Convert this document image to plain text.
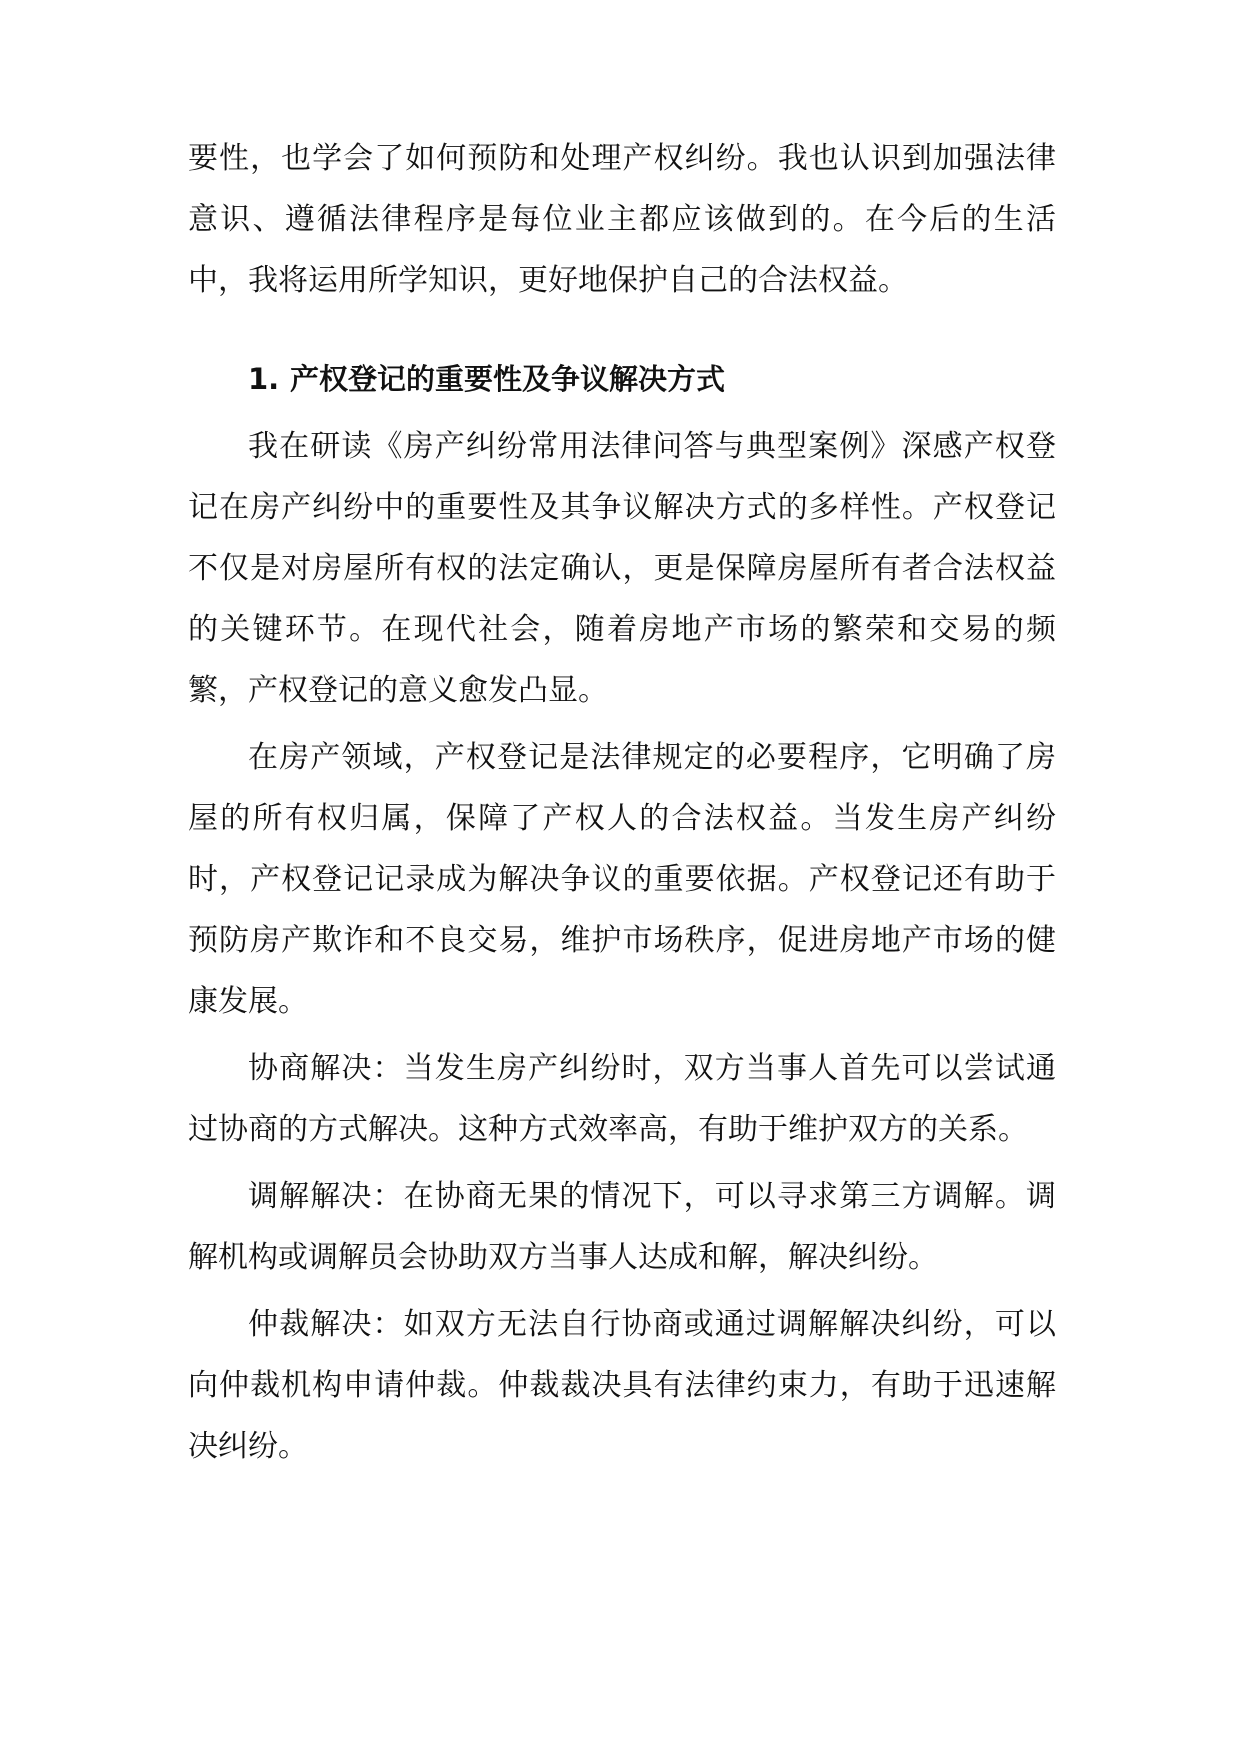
要性，也学会了如何预防和处理产权纠纷。我也认识到加强法律意识、遵循法律程序是每位业主都应该做到的。在今后的生活中，我将运用所学知识，更好地保护自己的合法权益。

1. 产权登记的重要性及争议解决方式

我在研读《房产纠纷常用法律问答与典型案例》深感产权登记在房产纠纷中的重要性及其争议解决方式的多样性。产权登记不仅是对房屋所有权的法定确认，更是保障房屋所有者合法权益的关键环节。在现代社会，随着房地产市场的繁荣和交易的频繁，产权登记的意义愈发凸显。

在房产领域，产权登记是法律规定的必要程序，它明确了房屋的所有权归属，保障了产权人的合法权益。当发生房产纠纷时，产权登记记录成为解决争议的重要依据。产权登记还有助于预防房产欺诈和不良交易，维护市场秩序，促进房地产市场的健康发展。

协商解决：当发生房产纠纷时，双方当事人首先可以尝试通过协商的方式解决。这种方式效率高，有助于维护双方的关系。

调解解决：在协商无果的情况下，可以寻求第三方调解。调解机构或调解员会协助双方当事人达成和解，解决纠纷。

仲裁解决：如双方无法自行协商或通过调解解决纠纷，可以向仲裁机构申请仲裁。仲裁裁决具有法律约束力，有助于迅速解决纠纷。
